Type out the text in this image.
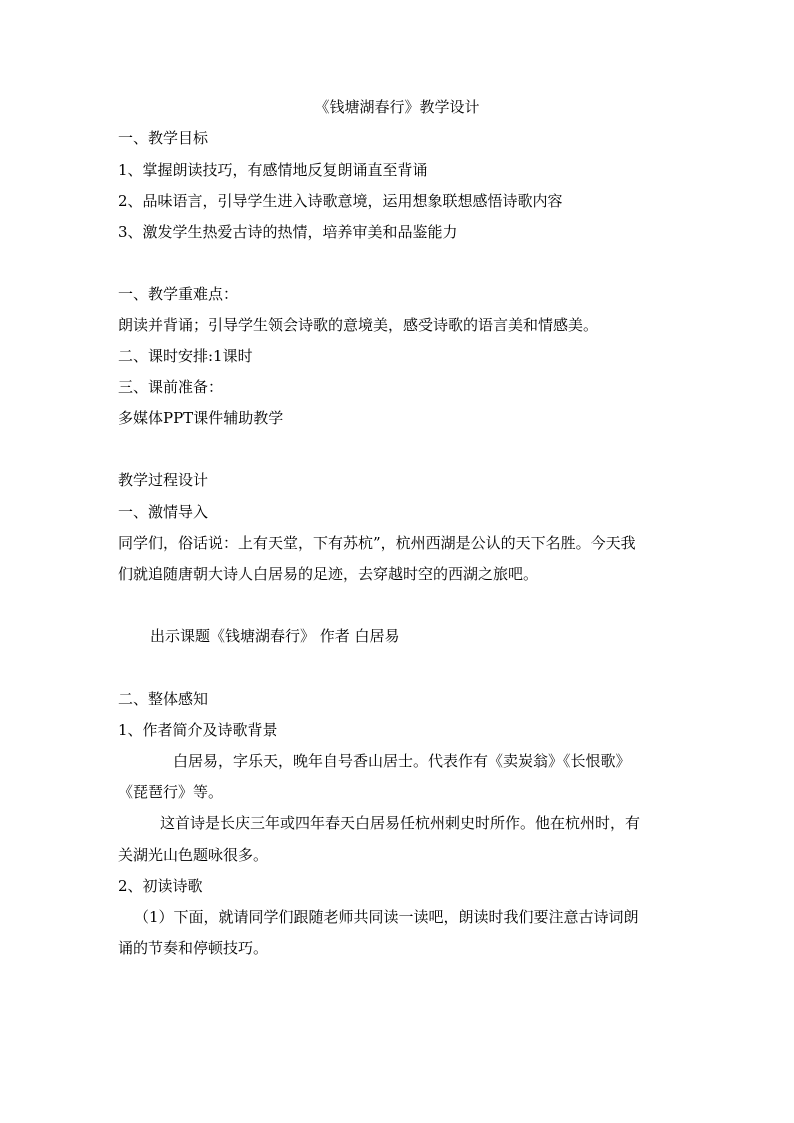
《钱塘湖春行》教学设计
一、教学目标
1、掌握朗读技巧，有感情地反复朗诵直至背诵
2、品味语言，引导学生进入诗歌意境，运用想象联想感悟诗歌内容
3、激发学生热爱古诗的热情，培养审美和品鉴能力
一、教学重难点：
朗读并背诵；引导学生领会诗歌的意境美，感受诗歌的语言美和情感美。
二、课时安排:1课时
三、课前准备：
多媒体PPT课件辅助教学
教学过程设计
一、激情导入
同学们，俗话说：上有天堂，下有苏杭”，杭州西湖是公认的天下名胜。今天我
们就追随唐朝大诗人白居易的足迹，去穿越时空的西湖之旅吧。
出示课题《钱塘湖春行》 作者 白居易
二、整体感知
1、作者简介及诗歌背景
白居易，字乐天，晚年自号香山居士。代表作有《卖炭翁》《长恨歌》
《琵琶行》等。
这首诗是长庆三年或四年春天白居易任杭州刺史时所作。他在杭州时，有
关湖光山色题咏很多。
2、初读诗歌
（1）下面，就请同学们跟随老师共同读一读吧，朗读时我们要注意古诗词朗
诵的节奏和停顿技巧。
